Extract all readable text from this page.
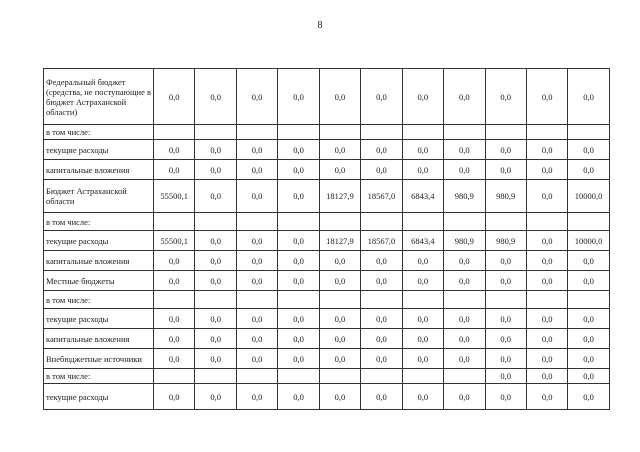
8
Федеральный бюджет (средства, не поступающие в бюджет Астраханской области)	0,0	0,0	0,0	0,0	0,0	0,0	0,0	0,0	0,0	0,0	0,0
в том числе:											
текущие расходы	0,0	0,0	0,0	0,0	0,0	0,0	0,0	0,0	0,0	0,0	0,0
капитальные вложения	0,0	0,0	0,0	0,0	0,0	0,0	0,0	0,0	0,0	0,0	0,0
Бюджет Астраханской области	55500,1	0,0	0,0	0,0	18127,9	18567,0	6843,4	980,9	980,9	0,0	10000,0
в том числе:											
текущие расходы	55500,1	0,0	0,0	0,0	18127,9	18567,0	6843,4	980,9	980,9	0,0	10000,0
капитальные вложения	0,0	0,0	0,0	0,0	0,0	0,0	0,0	0,0	0,0	0,0	0,0
Местные бюджеты	0,0	0,0	0,0	0,0	0,0	0,0	0,0	0,0	0,0	0,0	0,0
в том числе:											
текущие расходы	0,0	0,0	0,0	0,0	0,0	0,0	0,0	0,0	0,0	0,0	0,0
капитальные вложения	0,0	0,0	0,0	0,0	0,0	0,0	0,0	0,0	0,0	0,0	0,0
Внебюджетные источники	0,0	0,0	0,0	0,0	0,0	0,0	0,0	0,0	0,0	0,0	0,0
в том числе:									0,0	0,0	0,0
текущие расходы	0,0	0,0	0,0	0,0	0,0	0,0	0,0	0,0	0,0	0,0	0,0
